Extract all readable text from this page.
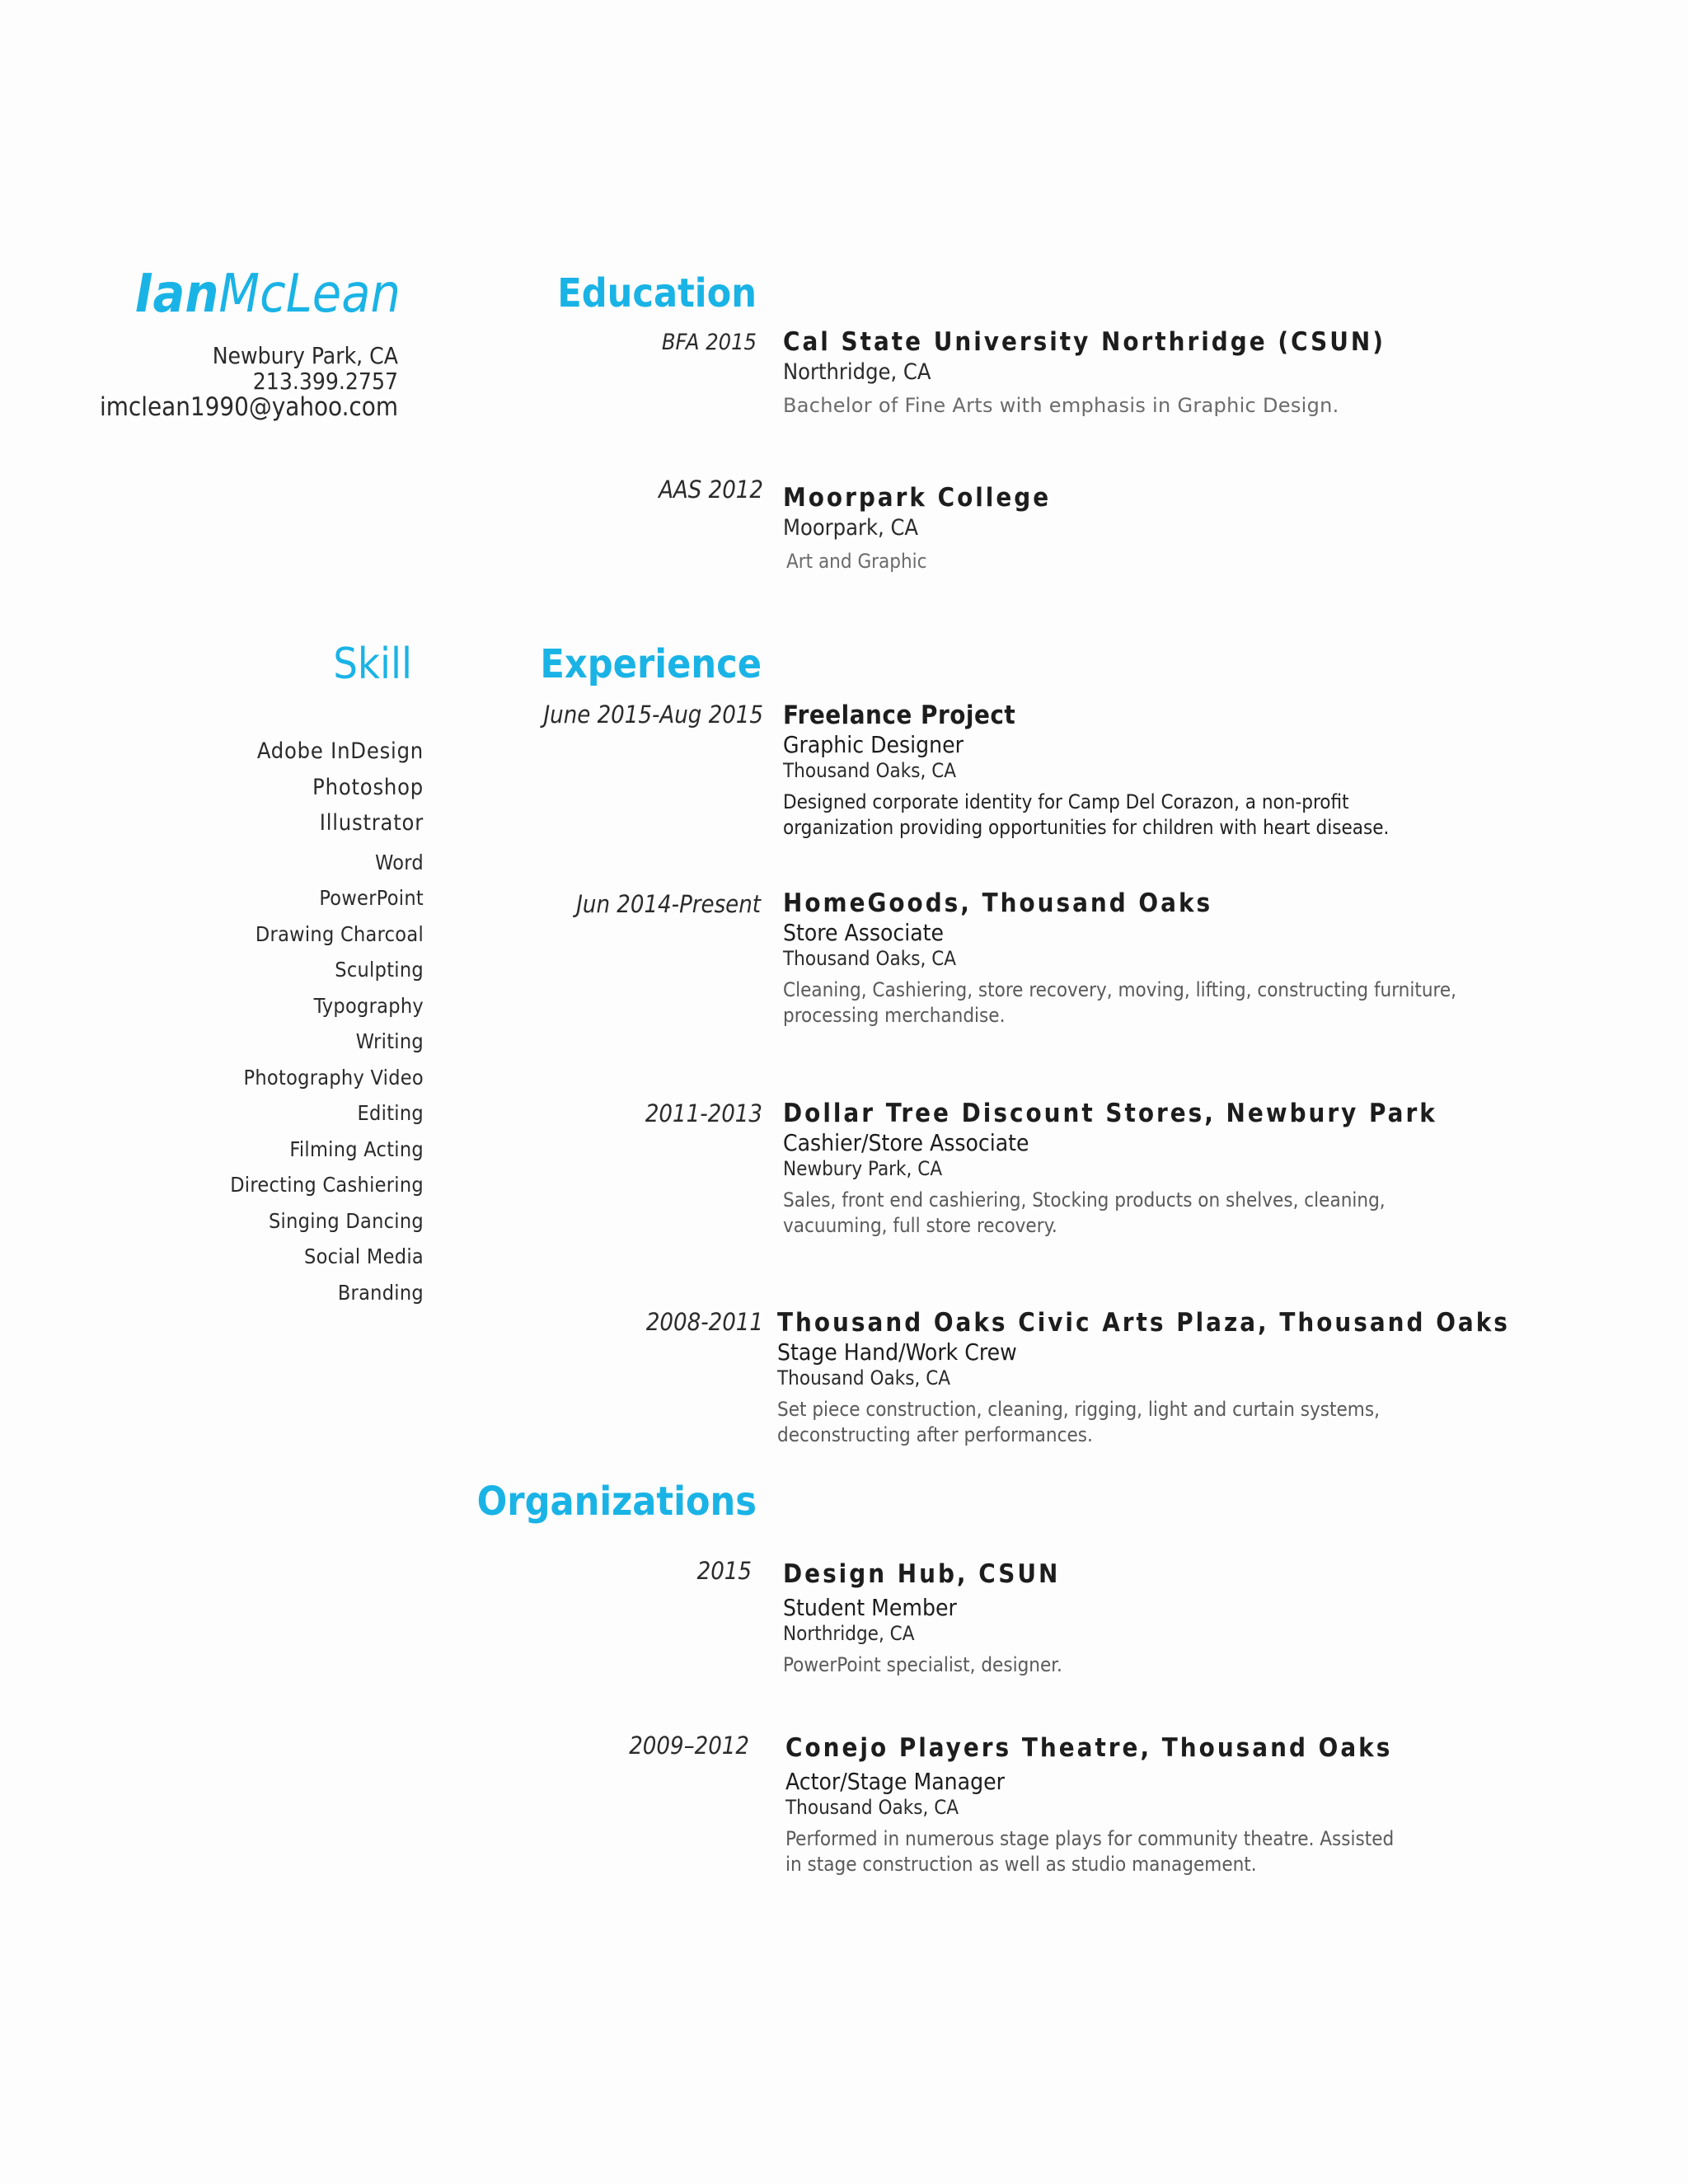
IanMcLean
Newbury Park, CA
213.399.2757
imclean1990@yahoo.com
Skill
Adobe InDesign
Photoshop
Illustrator
Word
PowerPoint
Drawing Charcoal
Sculpting
Typography
Writing
Photography Video
Editing
Filming Acting
Directing Cashiering
Singing Dancing
Social Media
Branding
Education
BFA 2015 Cal State University Northridge (CSUN)
Northridge, CA
Bachelor of Fine Arts with emphasis in Graphic Design.
AAS 2012 Moorpark College
Moorpark, CA
Art and Graphic
Experience
June 2015-Aug 2015 Freelance Project
Graphic Designer
Thousand Oaks, CA
Designed corporate identity for Camp Del Corazon, a non-profit organization providing opportunities for children with heart disease.
Jun 2014-Present HomeGoods, Thousand Oaks
Store Associate
Thousand Oaks, CA
Cleaning, Cashiering, store recovery, moving, lifting, constructing furniture, processing merchandise.
2011-2013 Dollar Tree Discount Stores, Newbury Park
Cashier/Store Associate
Newbury Park, CA
Sales, front end cashiering, Stocking products on shelves, cleaning, vacuuming, full store recovery.
2008-2011 Thousand Oaks Civic Arts Plaza, Thousand Oaks
Stage Hand/Work Crew
Thousand Oaks, CA
Set piece construction, cleaning, rigging, light and curtain systems, deconstructing after performances.
Organizations
2015 Design Hub, CSUN
Student Member
Northridge, CA
PowerPoint specialist, designer.
2009–2012 Conejo Players Theatre, Thousand Oaks
Actor/Stage Manager
Thousand Oaks, CA
Performed in numerous stage plays for community theatre. Assisted in stage construction as well as studio management.
